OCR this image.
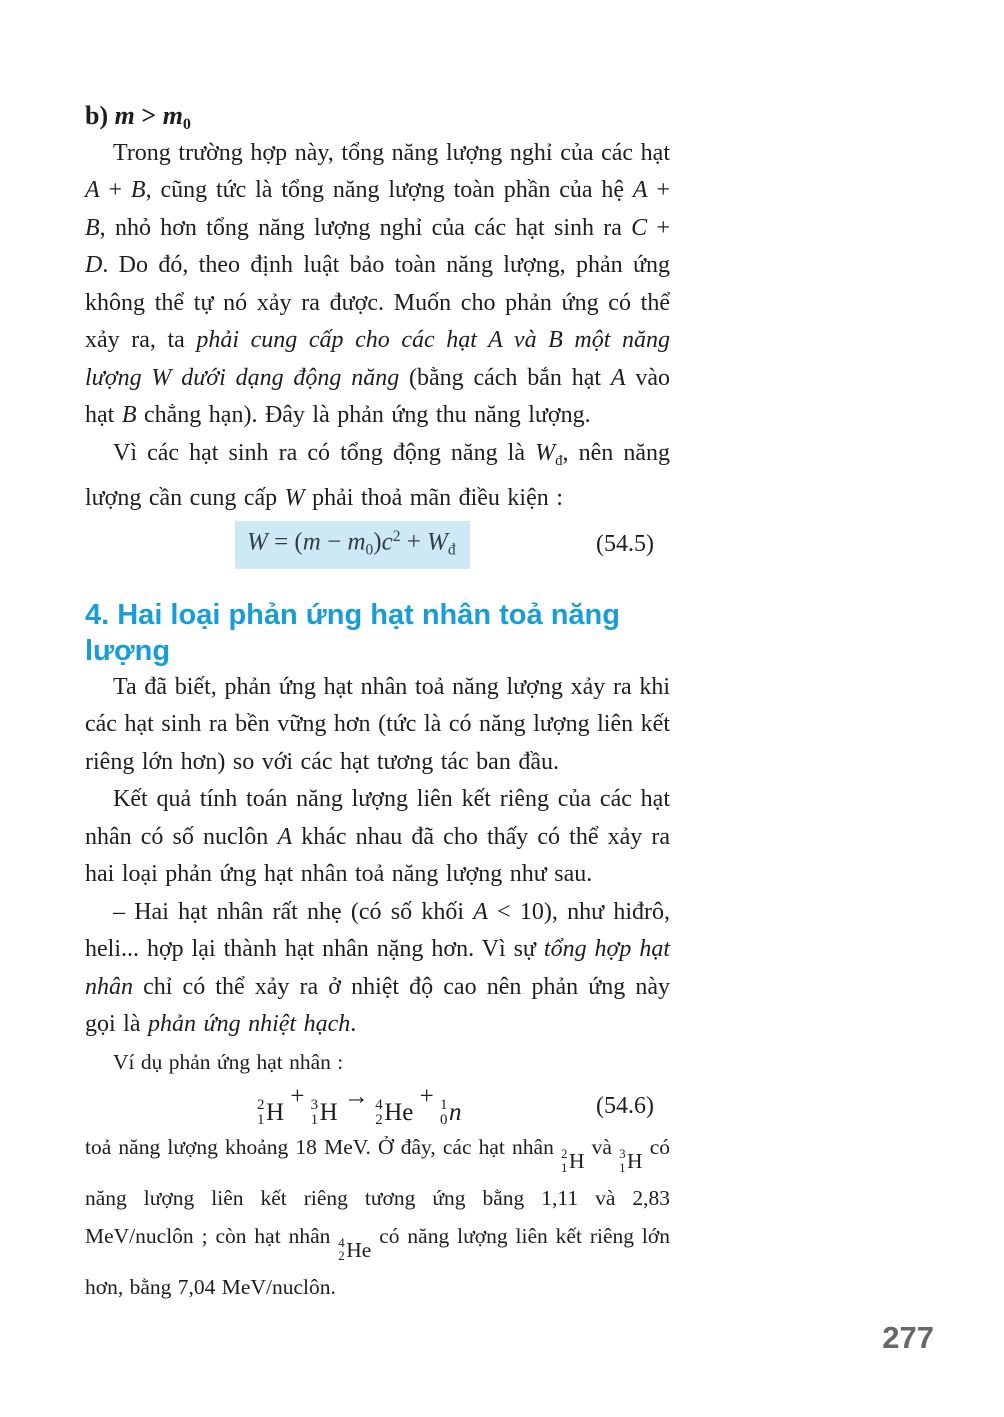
b) m > m0

Trong trường hợp này, tổng năng lượng nghỉ của các hạt A + B, cũng tức là tổng năng lượng toàn phần của hệ A + B, nhỏ hơn tổng năng lượng nghỉ của các hạt sinh ra C + D. Do đó, theo định luật bảo toàn năng lượng, phản ứng không thể tự nó xảy ra được. Muốn cho phản ứng có thể xảy ra, ta phải cung cấp cho các hạt A và B một năng lượng W dưới dạng động năng (bằng cách bắn hạt A vào hạt B chẳng hạn). Đây là phản ứng thu năng lượng.

Vì các hạt sinh ra có tổng động năng là Wđ, nên năng lượng cần cung cấp W phải thoả mãn điều kiện :

$W = (m - m0)c^2$ + Wđ	(54.5)
4. Hai loại phản ứng hạt nhân toả năng lượng

Ta đã biết, phản ứng hạt nhân toả năng lượng xảy ra khi các hạt sinh ra bền vững hơn (tức là có năng lượng liên kết riêng lớn hơn) so với các hạt tương tác ban đầu.

Kết quả tính toán năng lượng liên kết riêng của các hạt nhân có số nuclôn A khác nhau đã cho thấy có thể xảy ra hai loại phản ứng hạt nhân toả năng lượng như sau.

– Hai hạt nhân rất nhẹ (có số khối A < 10), như hiđrô, heli... hợp lại thành hạt nhân nặng hơn. Vì sự tổng hợp hạt nhân chỉ có thể xảy ra ở nhiệt độ cao nên phản ứng này gọi là phản ứng nhiệt hạch.

Ví dụ phản ứng hạt nhân :

2
1 H
+ 3
1 H
→ 4
2 He
+ 1
0 n	(54.6)

toả năng lượng khoảng 18 MeV. Ở đây, các hạt nhân 2
1 H
và 3
1 H
có năng lượng liên kết riêng tương ứng bằng 1,11 và 2,83 MeV/nuclôn ; còn hạt nhân 4
2 He
có năng lượng liên kết riêng lớn hơn, bằng 7,04 MeV/nuclôn.

277
